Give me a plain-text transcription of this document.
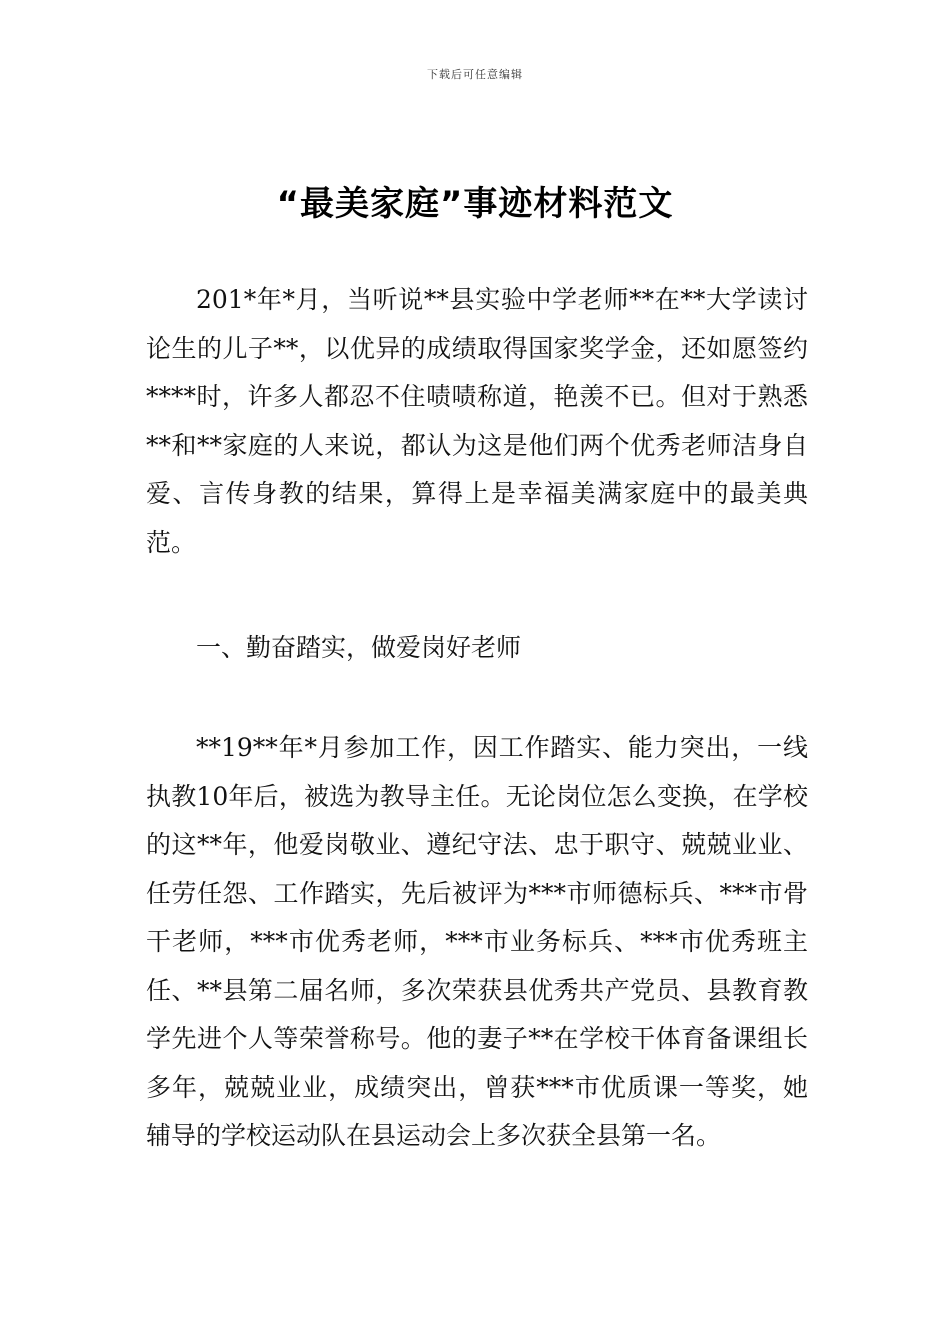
下载后可任意编辑
“最美家庭”事迹材料范文

201*年*月，当听说**县实验中学老师**在**大学读讨论生的儿子**，以优异的成绩取得国家奖学金，还如愿签约****时，许多人都忍不住啧啧称道，艳羡不已。但对于熟悉**和**家庭的人来说，都认为这是他们两个优秀老师洁身自爱、言传身教的结果，算得上是幸福美满家庭中的最美典范。

一、勤奋踏实，做爱岗好老师

**19**年*月参加工作，因工作踏实、能力突出，一线执教10年后，被选为教导主任。无论岗位怎么变换，在学校的这**年，他爱岗敬业、遵纪守法、忠于职守、兢兢业业、任劳任怨、工作踏实，先后被评为***市师德标兵、***市骨干老师，***市优秀老师，***市业务标兵、***市优秀班主任、**县第二届名师，多次荣获县优秀共产党员、县教育教学先进个人等荣誉称号。他的妻子**在学校干体育备课组长多年，兢兢业业，成绩突出，曾获***市优质课一等奖，她辅导的学校运动队在县运动会上多次获全县第一名。
